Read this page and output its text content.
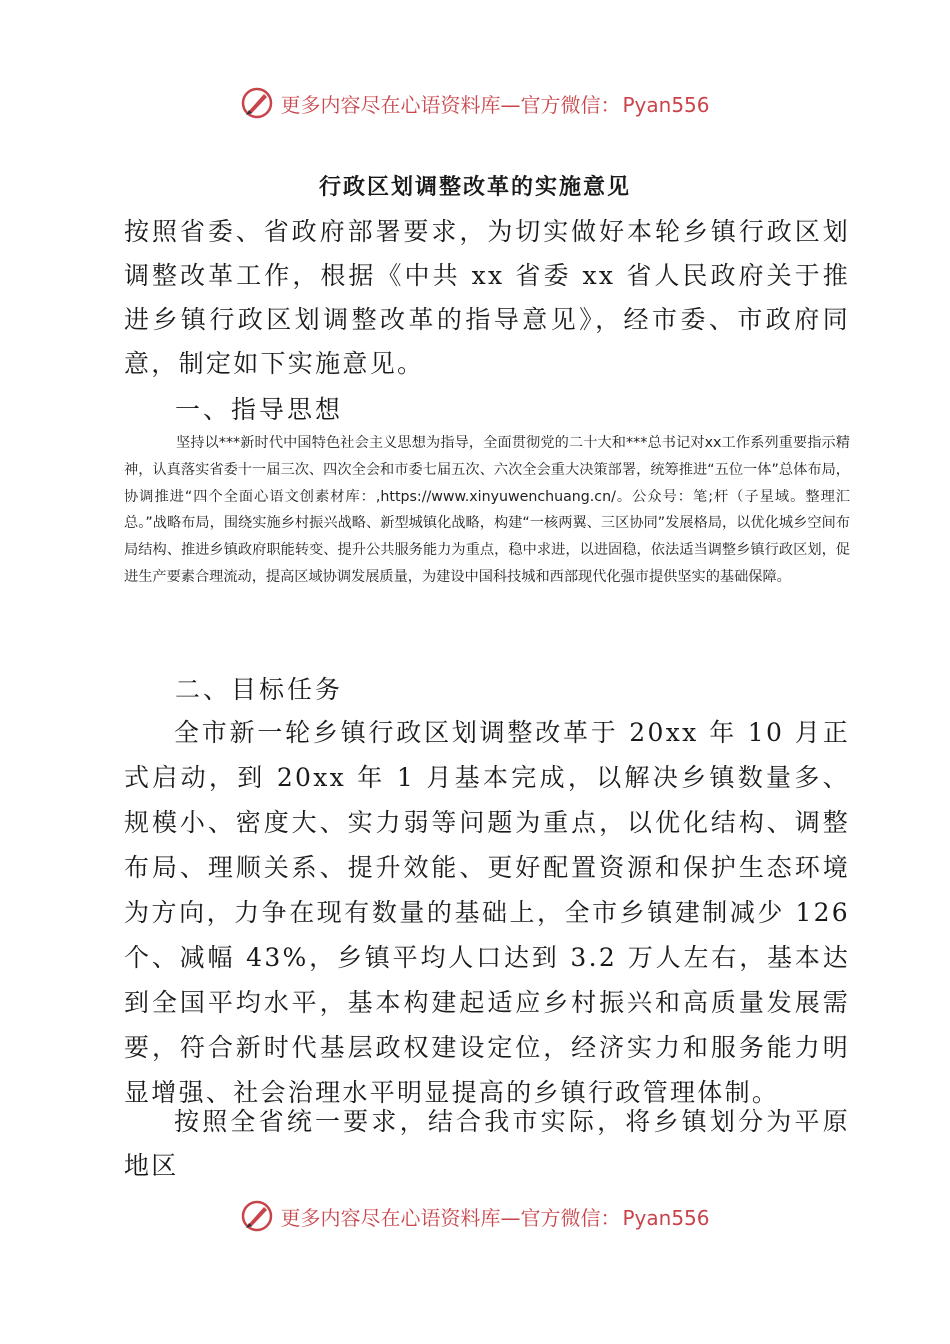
更多内容尽在心语资料库—官方微信： Pyan556
行政区划调整改革的实施意见

按照省委、省政府部署要求，为切实做好本轮乡镇行政区划调整改革工作，根据《中共 xx 省委 xx 省人民政府关于推进乡镇行政区划调整改革的指导意见》，经市委、市政府同意，制定如下实施意见。

一、指导思想

坚持以***新时代中国特色社会主义思想为指导，全面贯彻党的二十大和***总书记对xx工作系列重要指示精神，认真落实省委十一届三次、四次全会和市委七届五次、六次全会重大决策部署，统筹推进“五位一体”总体布局，协调推进“四个全面心语文创素材库：,https://www.xinyuwenchuang.cn/。公众号：笔;杆（子星域。整理汇总。”战略布局，围绕实施乡村振兴战略、新型城镇化战略，构建“一核两翼、三区协同”发展格局，以优化城乡空间布局结构、推进乡镇政府职能转变、提升公共服务能力为重点，稳中求进，以进固稳，依法适当调整乡镇行政区划，促进生产要素合理流动，提高区域协调发展质量，为建设中国科技城和西部现代化强市提供坚实的基础保障。

二、目标任务

全市新一轮乡镇行政区划调整改革于 20xx 年 10 月正式启动，到 20xx 年 1 月基本完成，以解决乡镇数量多、规模小、密度大、实力弱等问题为重点，以优化结构、调整布局、理顺关系、提升效能、更好配置资源和保护生态环境为方向，力争在现有数量的基础上，全市乡镇建制减少 126 个、减幅 43%，乡镇平均人口达到 3.2 万人左右，基本达到全国平均水平，基本构建起适应乡村振兴和高质量发展需要，符合新时代基层政权建设定位，经济实力和服务能力明显增强、社会治理水平明显提高的乡镇行政管理体制。

按照全省统一要求，结合我市实际，将乡镇划分为平原地区

更多内容尽在心语资料库—官方微信： Pyan556
